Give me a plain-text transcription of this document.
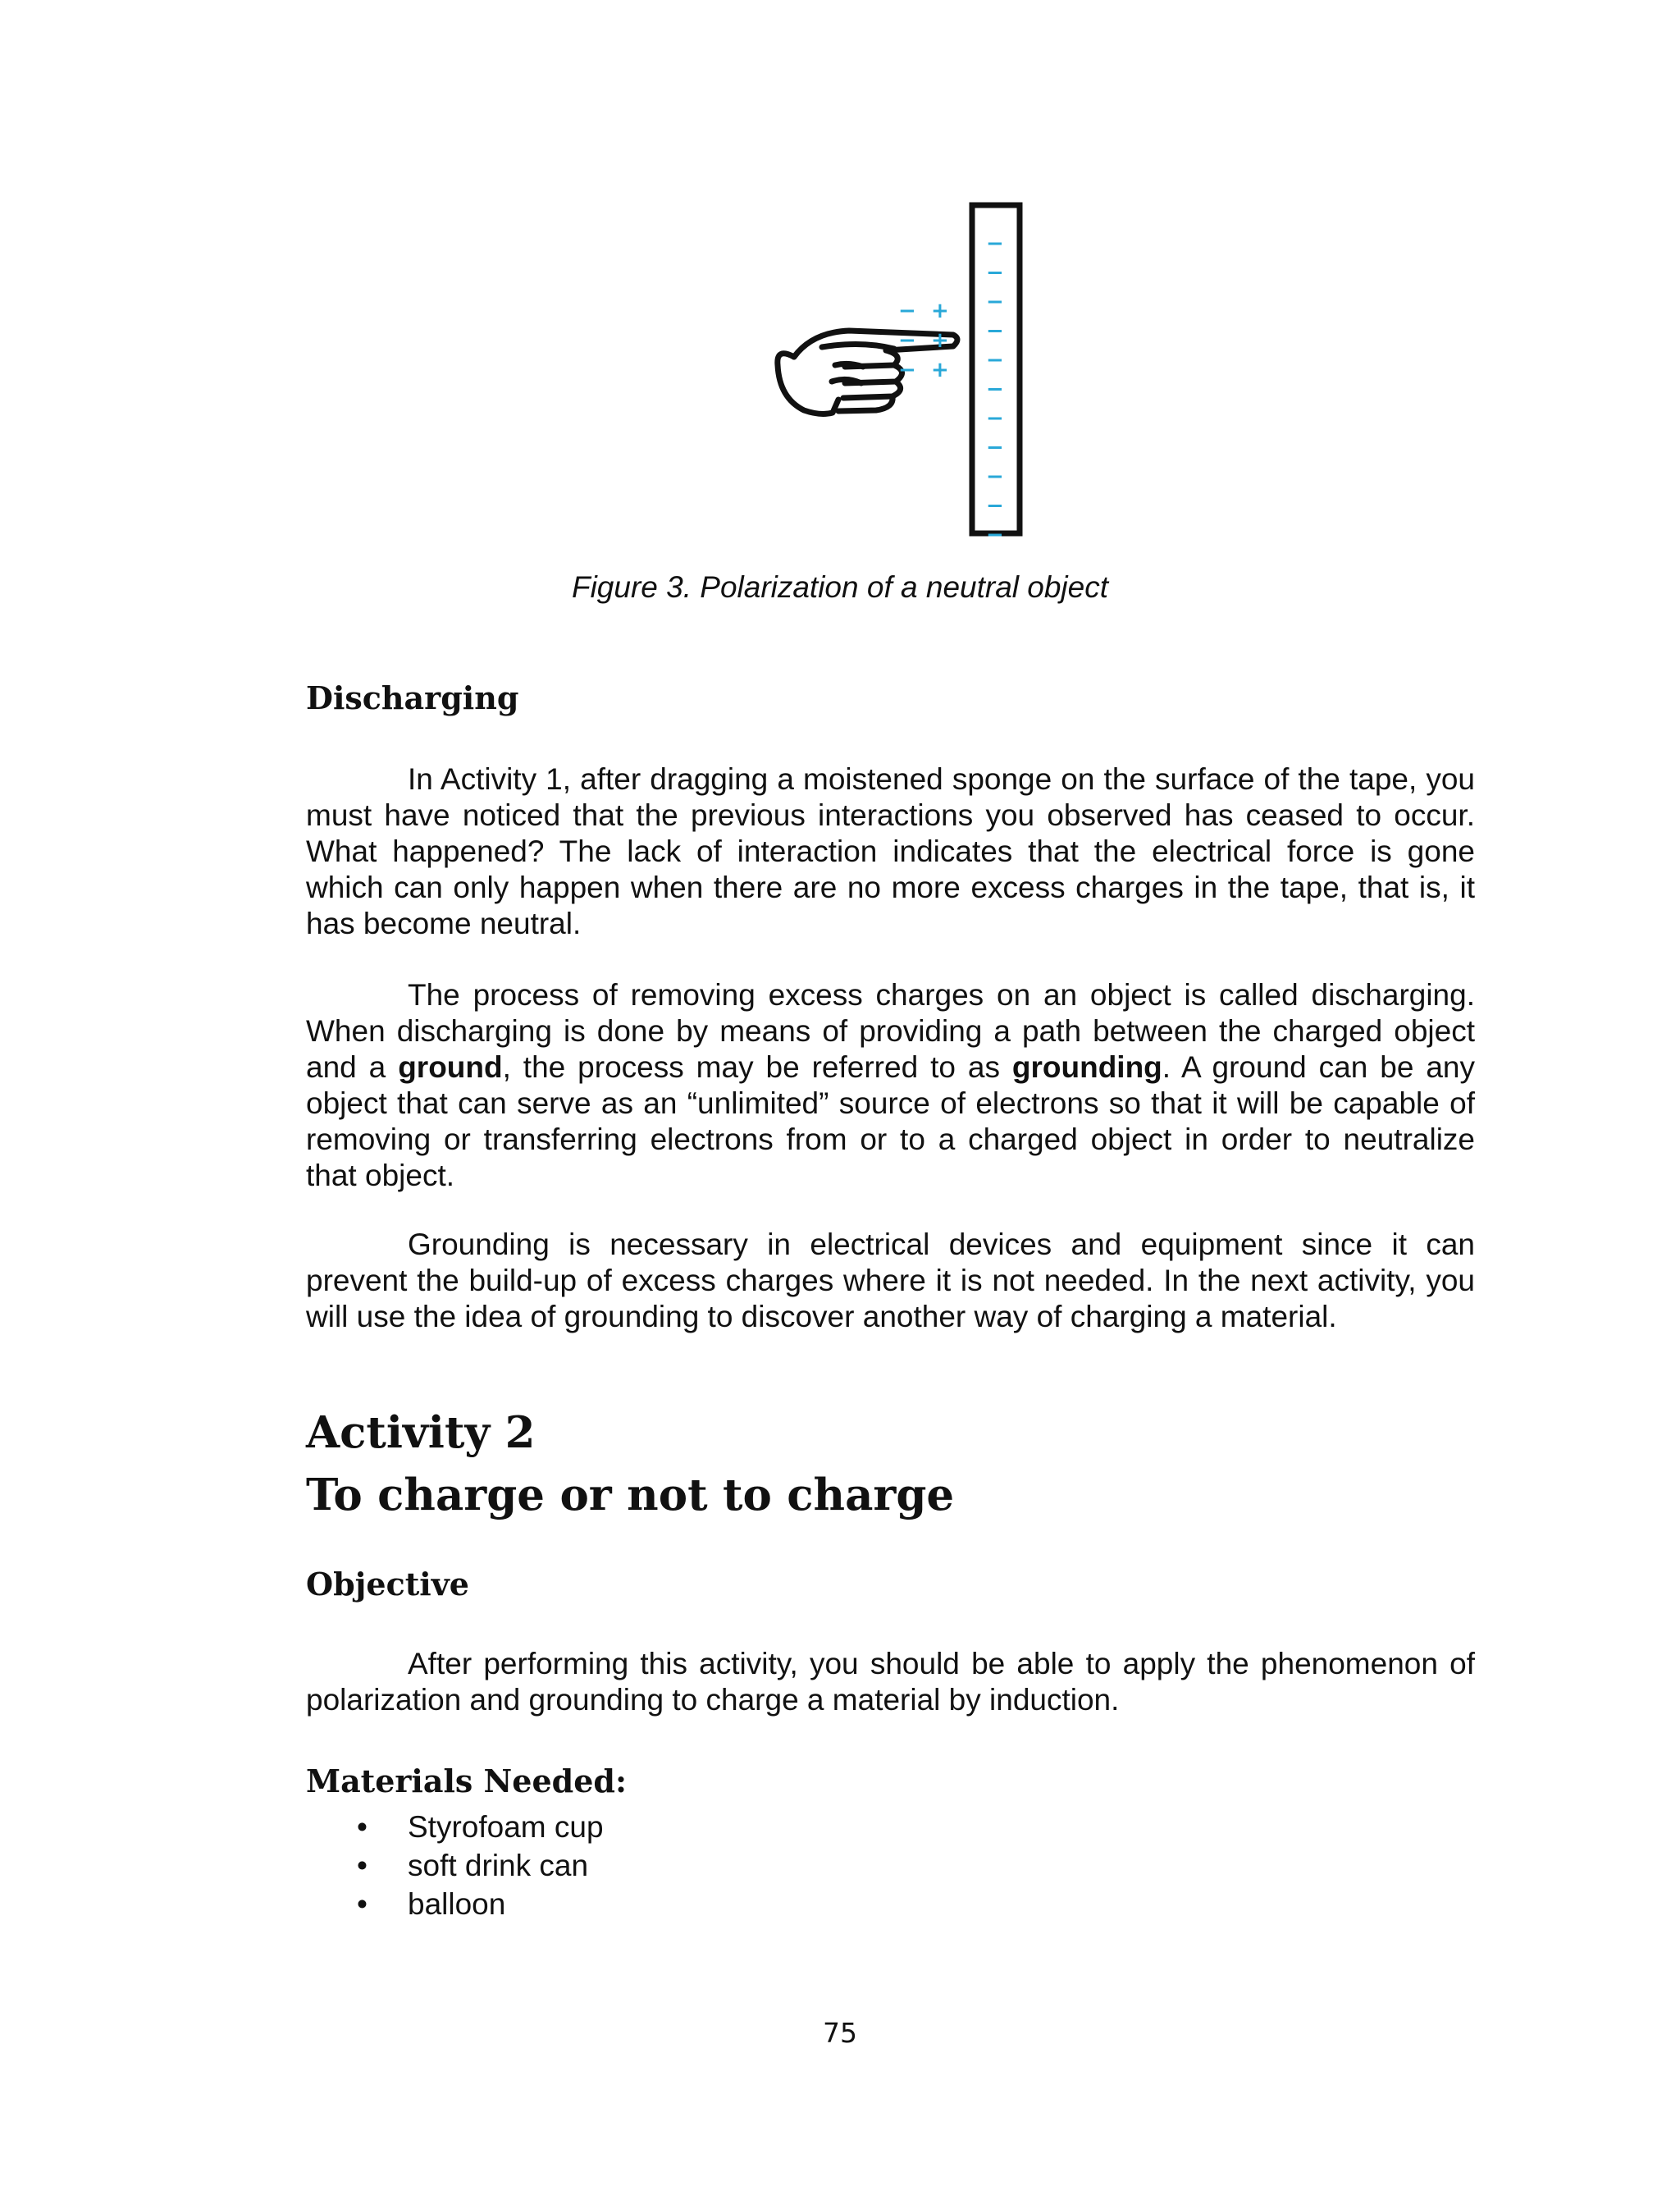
−
−
−
−
−
−
−
−
−
−
−
− +
− +
− +
Figure 3. Polarization of a neutral object
Discharging

In Activity 1, after dragging a moistened sponge on the surface of the tape, you must have noticed that the previous interactions you observed has ceased to occur. What happened? The lack of interaction indicates that the electrical force is gone which can only happen when there are no more excess charges in the tape, that is, it has become neutral.

The process of removing excess charges on an object is called discharging. When discharging is done by means of providing a path between the charged object and a ground, the process may be referred to as grounding. A ground can be any object that can serve as an “unlimited” source of electrons so that it will be capable of removing or transferring electrons from or to a charged object in order to neutralize that object.

Grounding is necessary in electrical devices and equipment since it can prevent the build-up of excess charges where it is not needed. In the next activity, you will use the idea of grounding to discover another way of charging a material.

Activity 2
To charge or not to charge
Objective

After performing this activity, you should be able to apply the phenomenon of polarization and grounding to charge a material by induction.

Materials Needed:
• Styrofoam cup
• soft drink can
• balloon
75
